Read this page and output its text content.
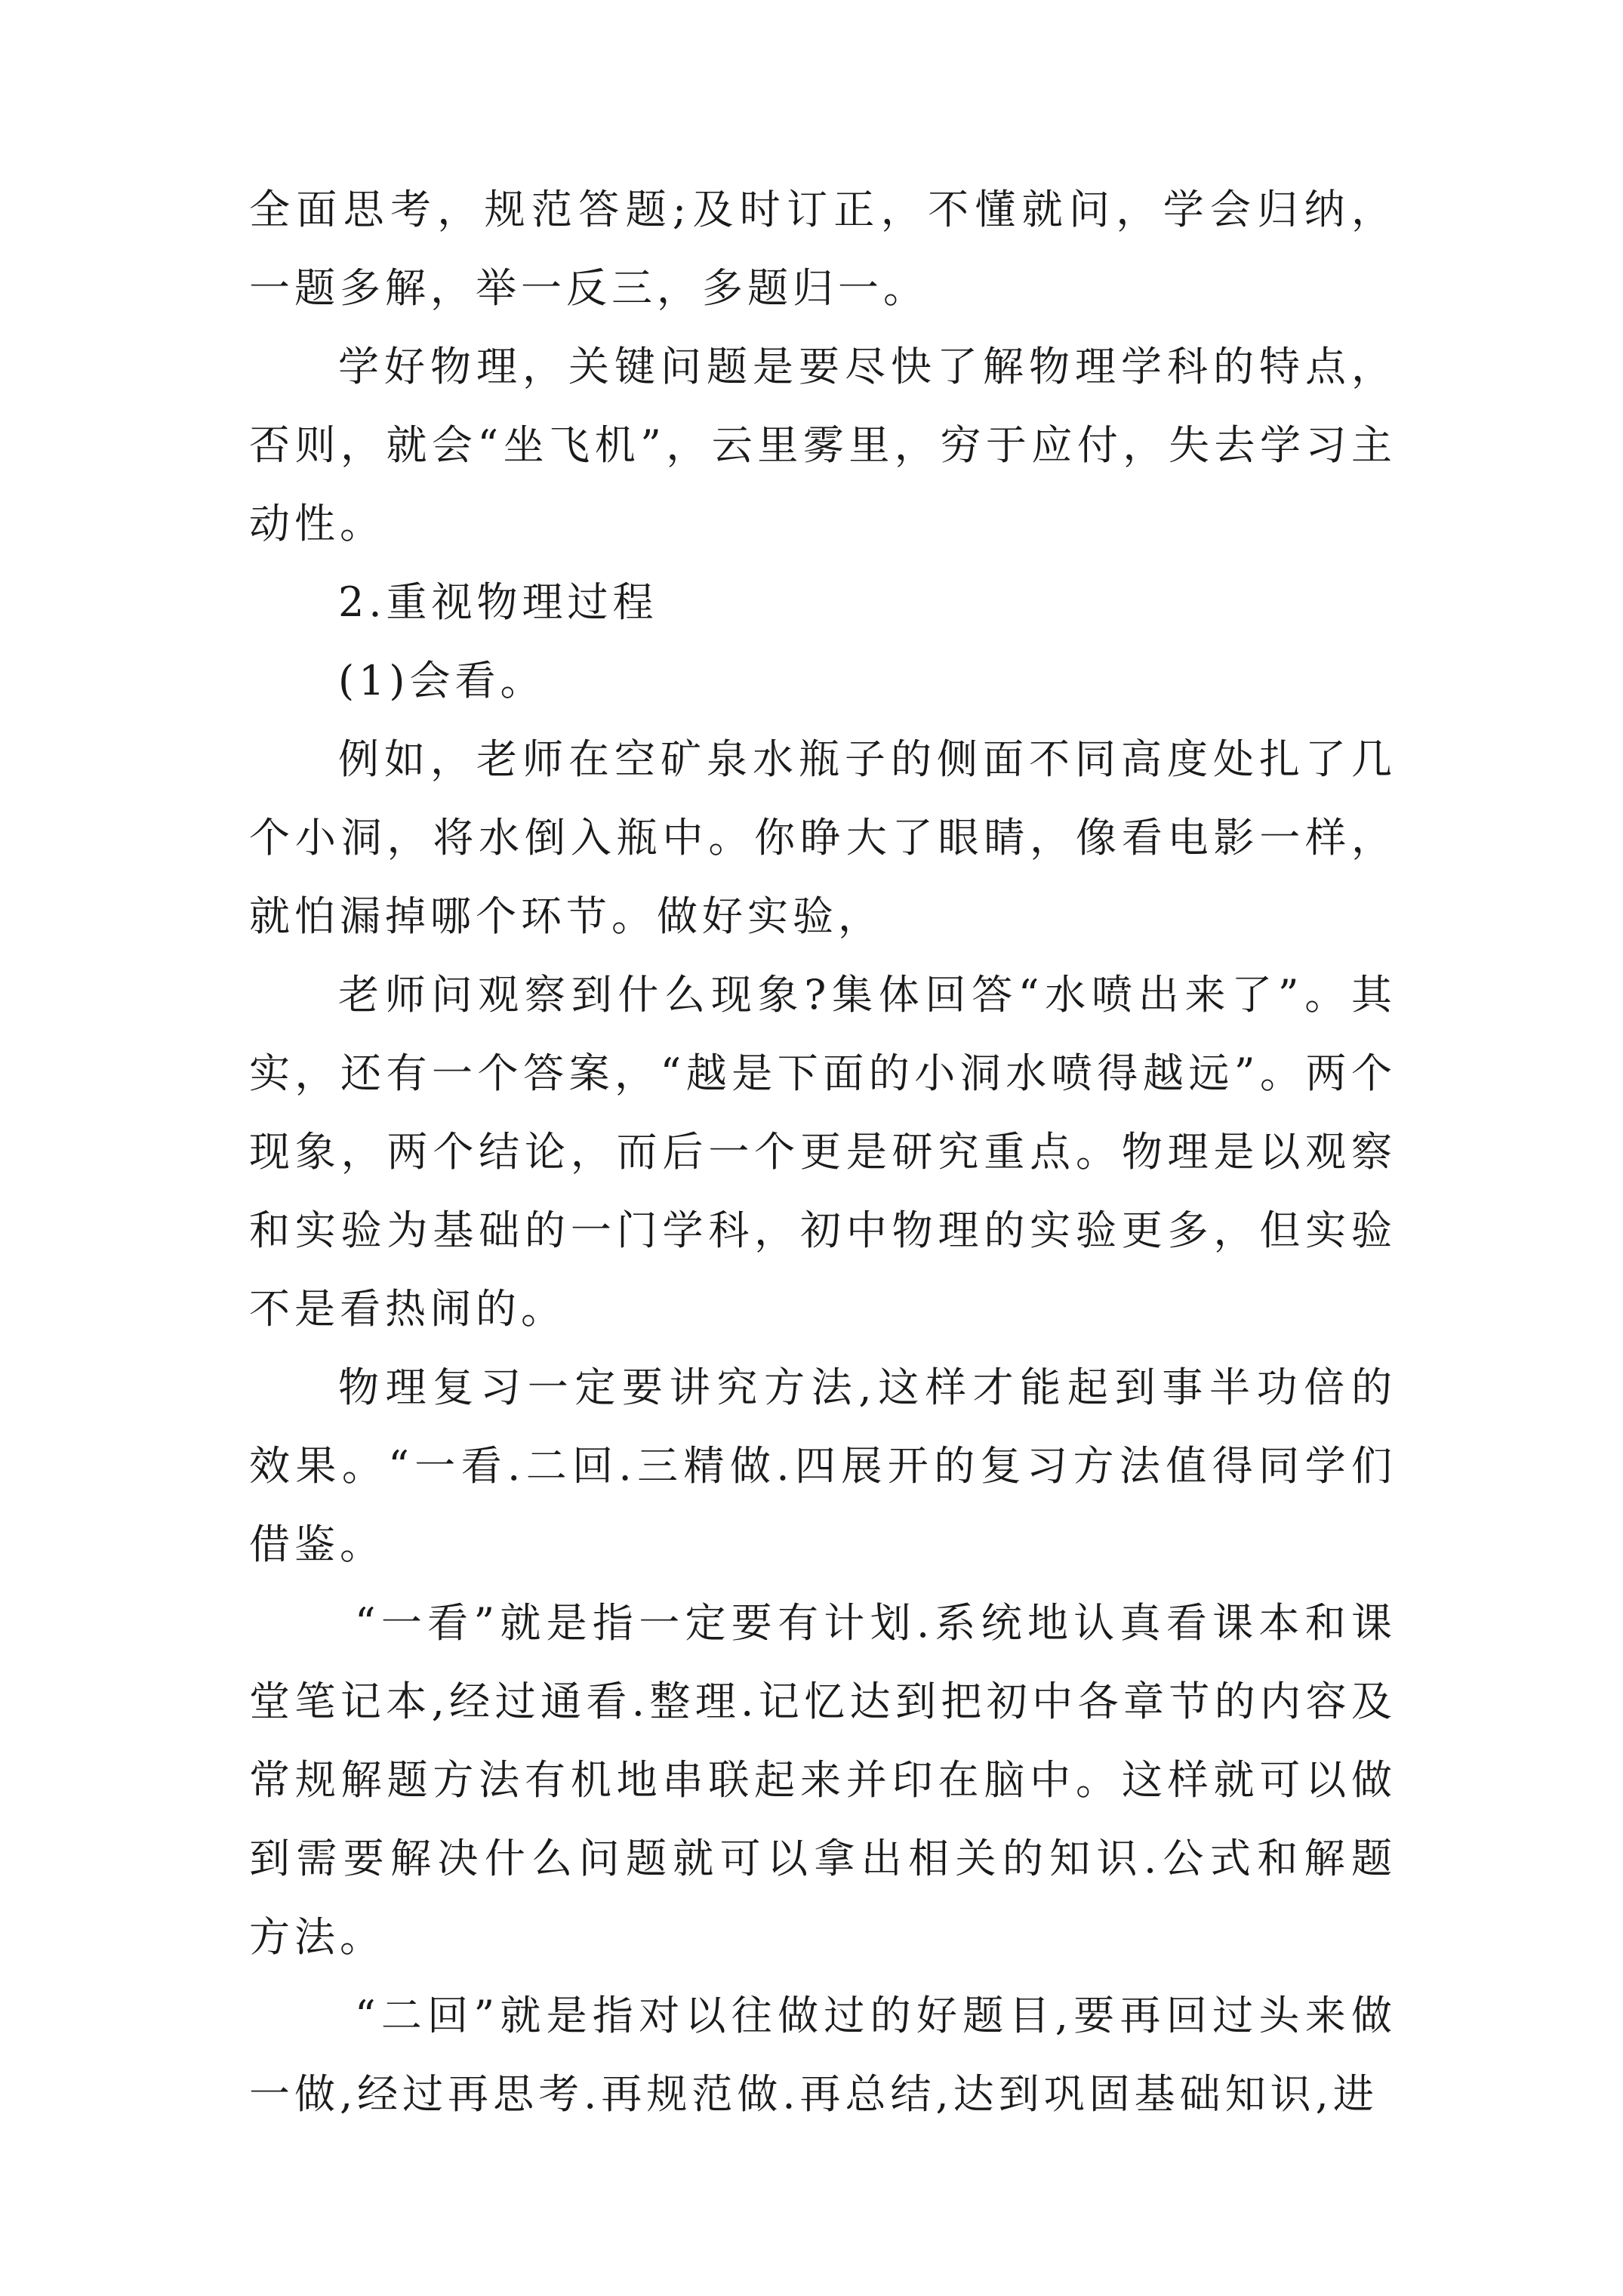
全面思考，规范答题;及时订正，不懂就问，学会归纳，一题多解，举一反三，多题归一。

学好物理，关键问题是要尽快了解物理学科的特点，否则，就会“坐飞机”，云里雾里，穷于应付，失去学习主动性。

2.重视物理过程

(1)会看。

例如，老师在空矿泉水瓶子的侧面不同高度处扎了几个小洞，将水倒入瓶中。你睁大了眼睛，像看电影一样，就怕漏掉哪个环节。做好实验，

老师问观察到什么现象?集体回答“水喷出来了”。其实，还有一个答案，“越是下面的小洞水喷得越远”。两个现象，两个结论，而后一个更是研究重点。物理是以观察和实验为基础的一门学科，初中物理的实验更多，但实验不是看热闹的。

物理复习一定要讲究方法,这样才能起到事半功倍的效果。“一看.二回.三精做.四展开的复习方法值得同学们借鉴。

“一看”就是指一定要有计划.系统地认真看课本和课堂笔记本,经过通看.整理.记忆达到把初中各章节的内容及常规解题方法有机地串联起来并印在脑中。这样就可以做到需要解决什么问题就可以拿出相关的知识.公式和解题方法。

“二回”就是指对以往做过的好题目,要再回过头来做一做,经过再思考.再规范做.再总结,达到巩固基础知识,进
